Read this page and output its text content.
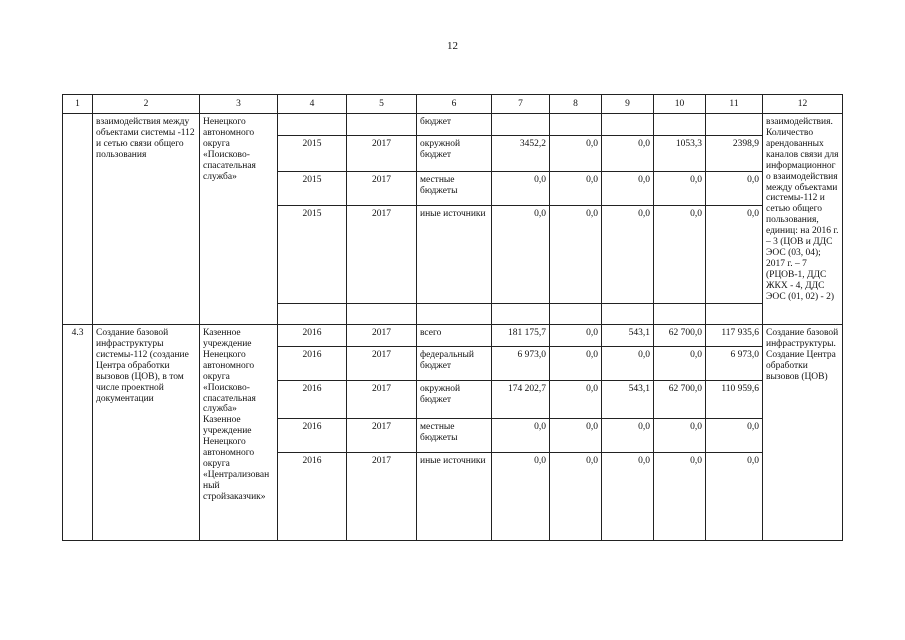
12
1	2	3	4	5	6	7	8	9	10	11	12
	взаимодействия между объектами системы -112 и сетью связи общего пользования	Ненецкого автономного округа «Поисково-спасательная служба»			бюджет						взаимодействия. Количество арендованных каналов связи для информационного взаимодействия между объектами системы-112 и сетью общего пользования, единиц: на 2016 г. – 3 (ЦОВ и ДДС ЭОС (03, 04); 2017 г. – 7 (РЦОВ-1, ДДС ЖКХ - 4, ДДС ЭОС (01, 02) - 2)
			2015	2017	окружной бюджет	3452,2	0,0	0,0	1053,3	2398,9	
			2015	2017	местные бюджеты	0,0	0,0	0,0	0,0	0,0	
			2015	2017	иные источники	0,0	0,0	0,0	0,0	0,0	

4.3	Создание базовой инфраструктуры системы-112 (создание Центра обработки вызовов (ЦОВ), в том числе проектной документации	Казенное учреждение Ненецкого автономного округа «Поисково-спасательная служба» Казенное учреждение Ненецкого автономного округа «Централизованный стройзаказчик»	2016	2017	всего	181 175,7	0,0	543,1	62 700,0	117 935,6	Создание базовой инфраструктуры. Создание Центра обработки вызовов (ЦОВ)
			2016	2017	федеральный бюджет	6 973,0	0,0	0,0	0,0	6 973,0	
			2016	2017	окружной бюджет	174 202,7	0,0	543,1	62 700,0	110 959,6	
			2016	2017	местные бюджеты	0,0	0,0	0,0	0,0	0,0	
			2016	2017	иные источники	0,0	0,0	0,0	0,0	0,0	
